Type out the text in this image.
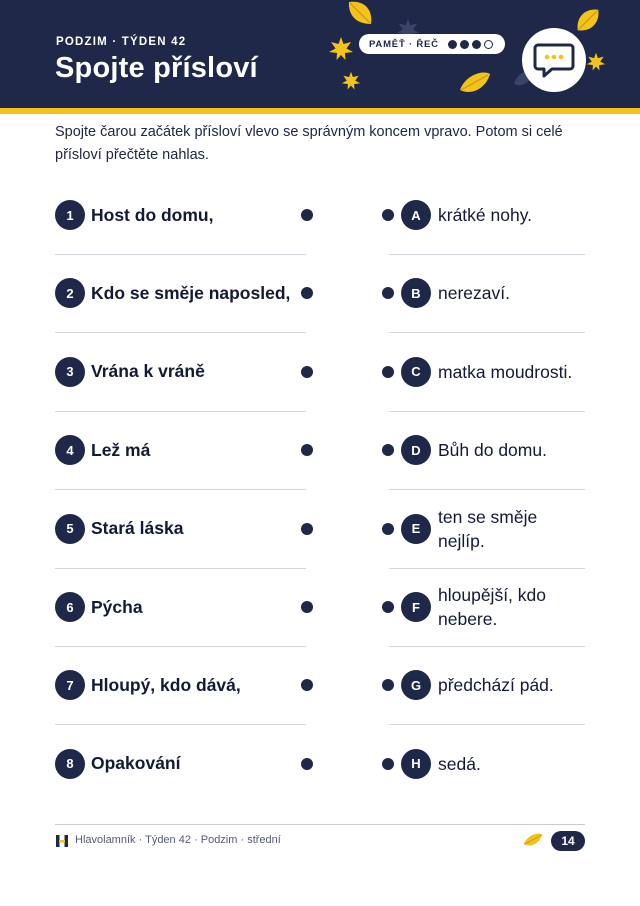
PODZIM · TÝDEN 42
Spojte přísloví
PAMĚŤ · ŘEČ

Spojte čarou začátek přísloví vlevo se správným koncem vpravo. Potom si celé přísloví přečtěte nahlas.

1 Host do domu,	A krátké nohy.
2 Kdo se směje naposled,	B nerezaví.
3 Vrána k vráně	C matka moudrosti.
4 Lež má	D Bůh do domu.
5 Stará láska	E
ten se směje nejlíp.
6 Pýcha	F
hloupější, kdo nebere.
7 Hloupý, kdo dává,	G předchází pád.
8 Opakování	H sedá.
Hlavolamník · Týden 42 · Podzim · střední	14
